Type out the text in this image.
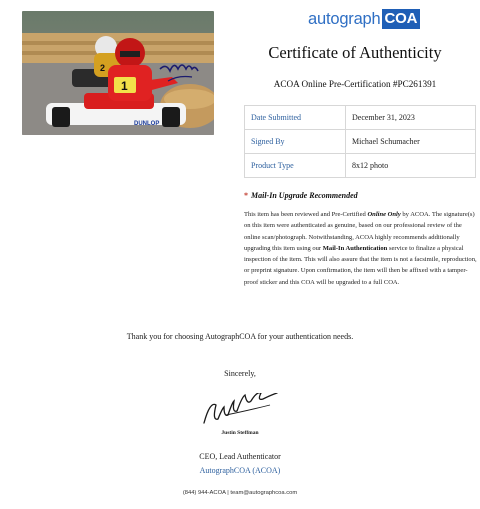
2
1
DUNLOP
autograph COA
Certificate of Authenticity
ACOA Online Pre-Certification #PC261391
Date Submitted	December 31, 2023
Signed By	Michael Schumacher
Product Type	8x12 photo
* Mail-In Upgrade Recommended
This item has been reviewed and Pre-Certified Online Only by ACOA. The signature(s) on this item were authenticated as genuine, based on our professional review of the online scan/photograph. Notwithstanding, ACOA highly recommends additionally upgrading this item using our Mail-In Authentication service to finalize a physical inspection of the item. This will also assure that the item is not a facsimile, reproduction, or preprint signature. Upon confirmation, the item will then be affixed with a tamper-proof sticker and this COA will be upgraded to a full COA.
Thank you for choosing AutographCOA for your authentication needs.
Sincerely,
Justin Steffman
CEO, Lead Authenticator
AutographCOA (ACOA)
(844) 944-ACOA | team@autographcoa.com
